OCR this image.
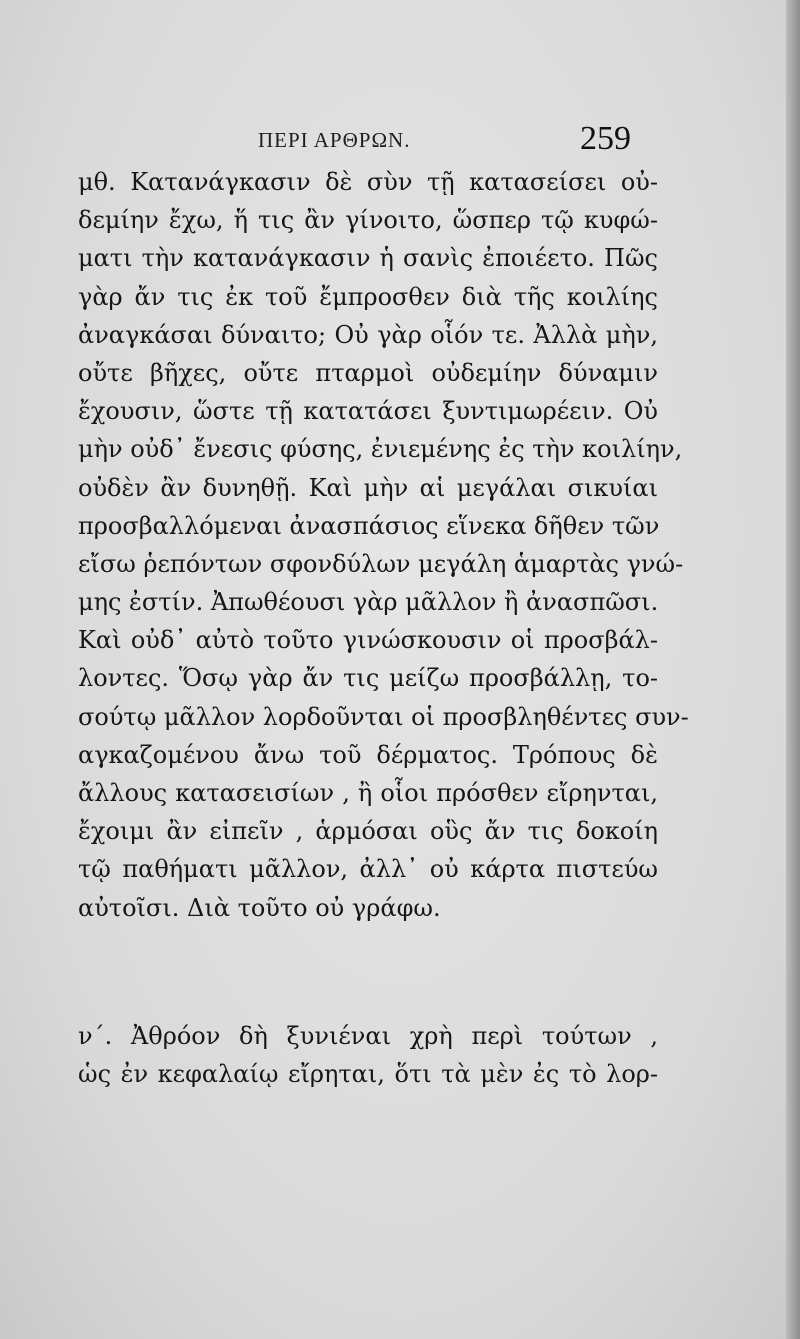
ΠΕΡΙ ΑΡΘΡΩΝ.	259
μθ. Κατανάγκασιν δὲ σὺν τῇ κατασείσει οὐ-
δεμίην ἔχω, ἥ τις ἂν γίνοιτο, ὥσπερ τῷ κυφώ-
ματι τὴν κατανάγκασιν ἡ σανὶς ἐποιέετο. Πῶς
γὰρ ἄν τις ἐκ τοῦ ἔμπροσθεν διὰ τῆς κοιλίης
ἀναγκάσαι δύναιτο; Οὐ γὰρ οἷόν τε. Ἀλλὰ μὴν,
οὔτε βῆχες, οὔτε πταρμοὶ οὐδεμίην δύναμιν
ἔχουσιν, ὥστε τῇ κατατάσει ξυντιμωρέειν. Οὐ
μὴν οὐδ᾽ ἔνεσις φύσης, ἐνιεμένης ἐς τὴν κοιλίην,
οὐδὲν ἂν δυνηθῇ. Καὶ μὴν αἱ μεγάλαι σικυίαι
προσβαλλόμεναι ἀνασπάσιος εἵνεκα δῆθεν τῶν
εἴσω ῥεπόντων σφονδύλων μεγάλη ἁμαρτὰς γνώ-
μης ἐστίν. Ἀπωθέουσι γὰρ μᾶλλον ἢ ἀνασπῶσι.
Καὶ οὐδ᾽ αὐτὸ τοῦτο γινώσκουσιν οἱ προσβάλ-
λοντες. Ὅσῳ γὰρ ἄν τις μείζω προσβάλλῃ, το-
σούτῳ μᾶλλον λορδοῦνται οἱ προσβληθέντες συν-
αγκαζομένου ἄνω τοῦ δέρματος. Τρόπους δὲ
ἄλλους κατασεισίων , ἢ οἷοι πρόσθεν εἴρηνται,
ἔχοιμι ἂν εἰπεῖν , ἁρμόσαι οὓς ἄν τις δοκοίη
τῷ παθήματι μᾶλλον, ἀλλ᾽ οὐ κάρτα πιστεύω
αὐτοῖσι. Διὰ τοῦτο οὐ γράφω.
ν´. Ἀθρόον δὴ ξυνιέναι χρὴ περὶ τούτων ,
ὡς ἐν κεφαλαίῳ εἴρηται, ὅτι τὰ μὲν ἐς τὸ λορ-
